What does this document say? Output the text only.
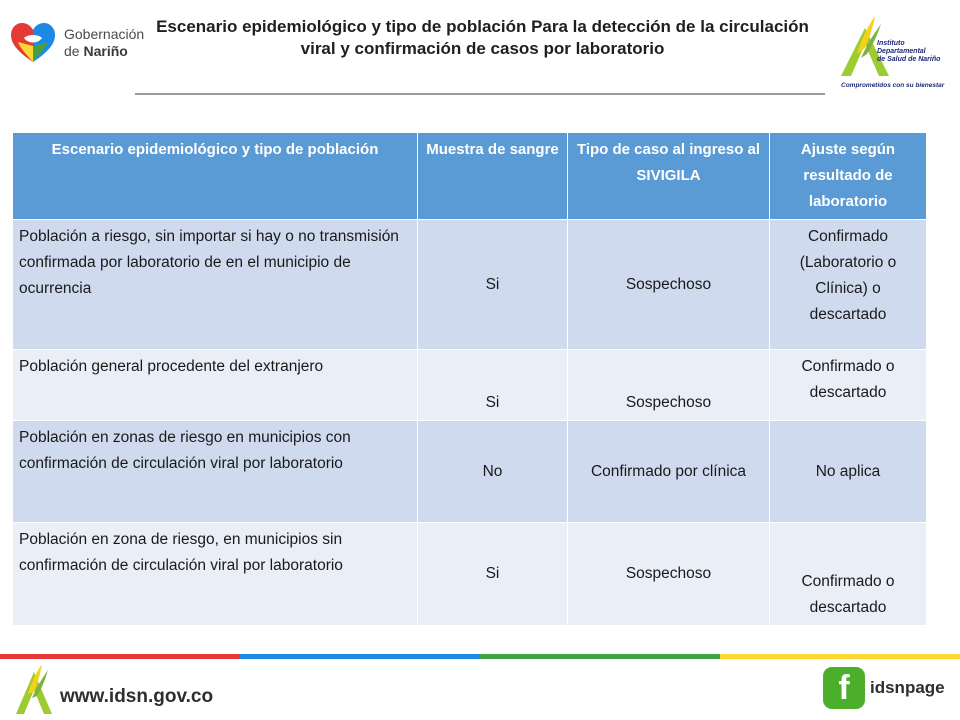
Gobernación
de Nariño
Escenario epidemiológico y tipo de población Para la detección de la circulación viral y confirmación de casos por laboratorio	Instituto
Departamental
de Salud de Nariño
Comprometidos con su bienestar
Escenario epidemiológico y tipo de población	Muestra de sangre	Tipo de caso al ingreso al SIVIGILA	Ajuste según resultado de laboratorio
Población a riesgo, sin importar si hay o no transmisión confirmada por laboratorio de en el municipio de ocurrencia	Si	Sospechoso	Confirmado (Laboratorio o Clínica) o descartado
Población general procedente del extranjero	Si	Sospechoso	Confirmado o descartado
Población en zonas de riesgo en municipios con confirmación de circulación viral por laboratorio	No	Confirmado por clínica	No aplica
Población en zona de riesgo, en municipios sin confirmación de circulación viral por laboratorio	Si	Sospechoso	Confirmado o descartado
www.idsn.gov.co	f	idsnpage
